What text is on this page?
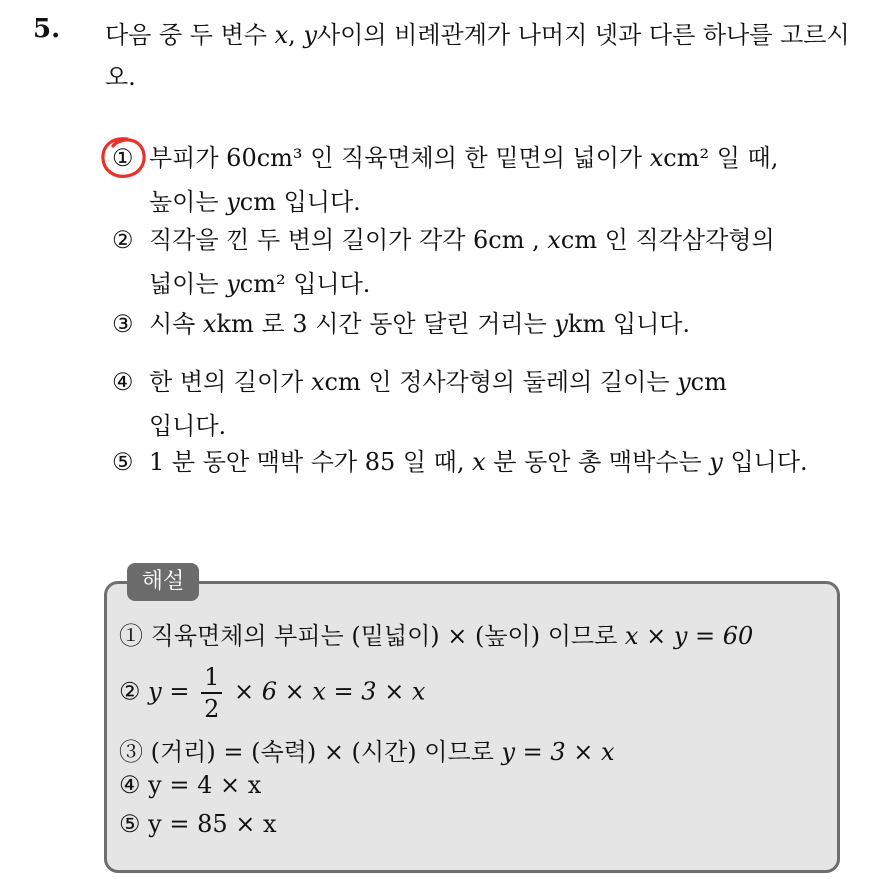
5. 다음 중 두 변수 x, y사이의 비례관계가 나머지 넷과 다른 하나를 고르시오.
① 부피가 60cm³ 인 직육면체의 한 밑면의 넓이가 xcm² 일 때,
높이는 ycm 입니다.
② 직각을 낀 두 변의 길이가 각각 6cm , xcm 인 직각삼각형의
넓이는 ycm² 입니다.
③ 시속 xkm 로 3 시간 동안 달린 거리는 ykm 입니다.
④ 한 변의 길이가 xcm 인 정사각형의 둘레의 길이는 ycm
입니다.
⑤ 1 분 동안 맥박 수가 85 일 때, x 분 동안 총 맥박수는 y 입니다.
해설
① 직육면체의 부피는 (밑넓이) × (높이) 이므로 x × y = 60
② $y = \frac{1}{2} \times 6 \times x = 3 \times x$
③ (거리) = (속력) × (시간) 이므로 y = 3 × x
④ y = 4 × x
⑤ y = 85 × x
